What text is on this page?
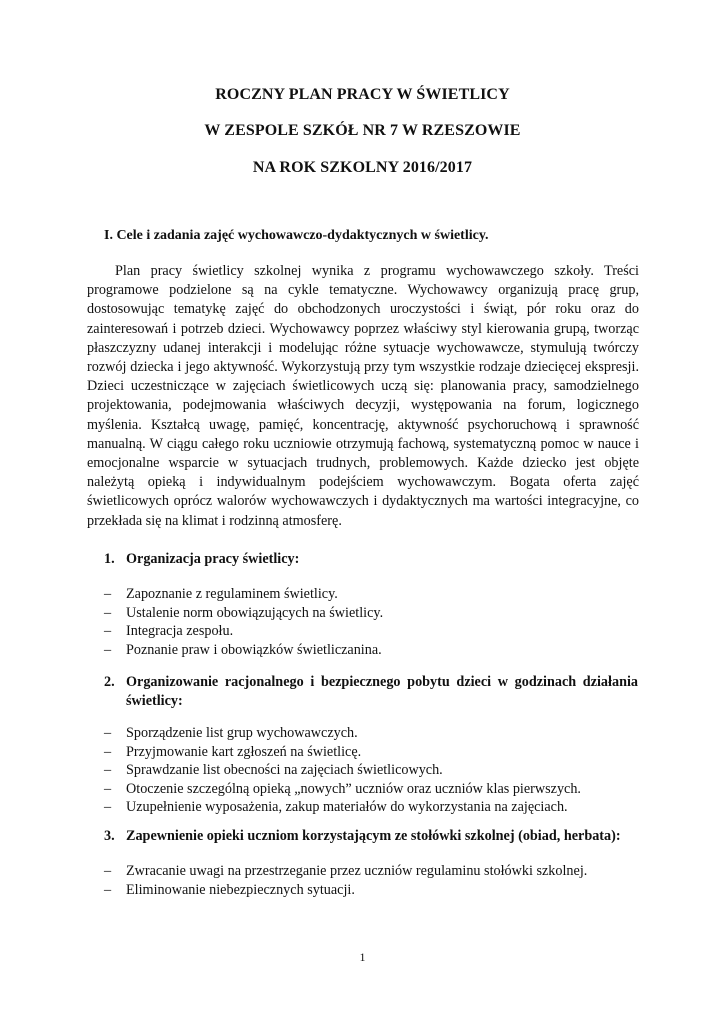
ROCZNY PLAN PRACY W ŚWIETLICY
W ZESPOLE SZKÓŁ NR 7 W RZESZOWIE
NA ROK SZKOLNY 2016/2017
I. Cele i zadania zajęć wychowawczo-dydaktycznych w świetlicy.

Plan pracy świetlicy szkolnej wynika z programu wychowawczego szkoły. Treści programowe podzielone są na cykle tematyczne. Wychowawcy organizują pracę grup, dostosowując tematykę zajęć do obchodzonych uroczystości i świąt, pór roku oraz do zainteresowań i potrzeb dzieci. Wychowawcy poprzez właściwy styl kierowania grupą, tworząc płaszczyzny udanej interakcji i modelując różne sytuacje wychowawcze, stymulują twórczy rozwój dziecka i jego aktywność. Wykorzystują przy tym wszystkie rodzaje dziecięcej ekspresji. Dzieci uczestniczące w zajęciach świetlicowych uczą się: planowania pracy, samodzielnego projektowania, podejmowania właściwych decyzji, występowania na forum, logicznego myślenia. Kształcą uwagę, pamięć, koncentrację, aktywność psychoruchową i sprawność manualną. W ciągu całego roku uczniowie otrzymują fachową, systematyczną pomoc w nauce i emocjonalne wsparcie w sytuacjach trudnych, problemowych. Każde dziecko jest objęte należytą opieką i indywidualnym podejściem wychowawczym. Bogata oferta zajęć świetlicowych oprócz walorów wychowawczych i dydaktycznych ma wartości integracyjne, co przekłada się na klimat i rodzinną atmosferę.

1. Organizacja pracy świetlicy:
– Zapoznanie z regulaminem świetlicy.
– Ustalenie norm obowiązujących na świetlicy.
– Integracja zespołu.
– Poznanie praw i obowiązków świetliczanina.
2. Organizowanie racjonalnego i bezpiecznego pobytu dzieci w godzinach działania świetlicy:
– Sporządzenie list grup wychowawczych.
– Przyjmowanie kart zgłoszeń na świetlicę.
– Sprawdzanie list obecności na zajęciach świetlicowych.
– Otoczenie szczególną opieką „nowych” uczniów oraz uczniów klas pierwszych.
– Uzupełnienie wyposażenia, zakup materiałów do wykorzystania na zajęciach.
3. Zapewnienie opieki uczniom korzystającym ze stołówki szkolnej (obiad, herbata):
– Zwracanie uwagi na przestrzeganie przez uczniów regulaminu stołówki szkolnej.
– Eliminowanie niebezpiecznych sytuacji.
1
